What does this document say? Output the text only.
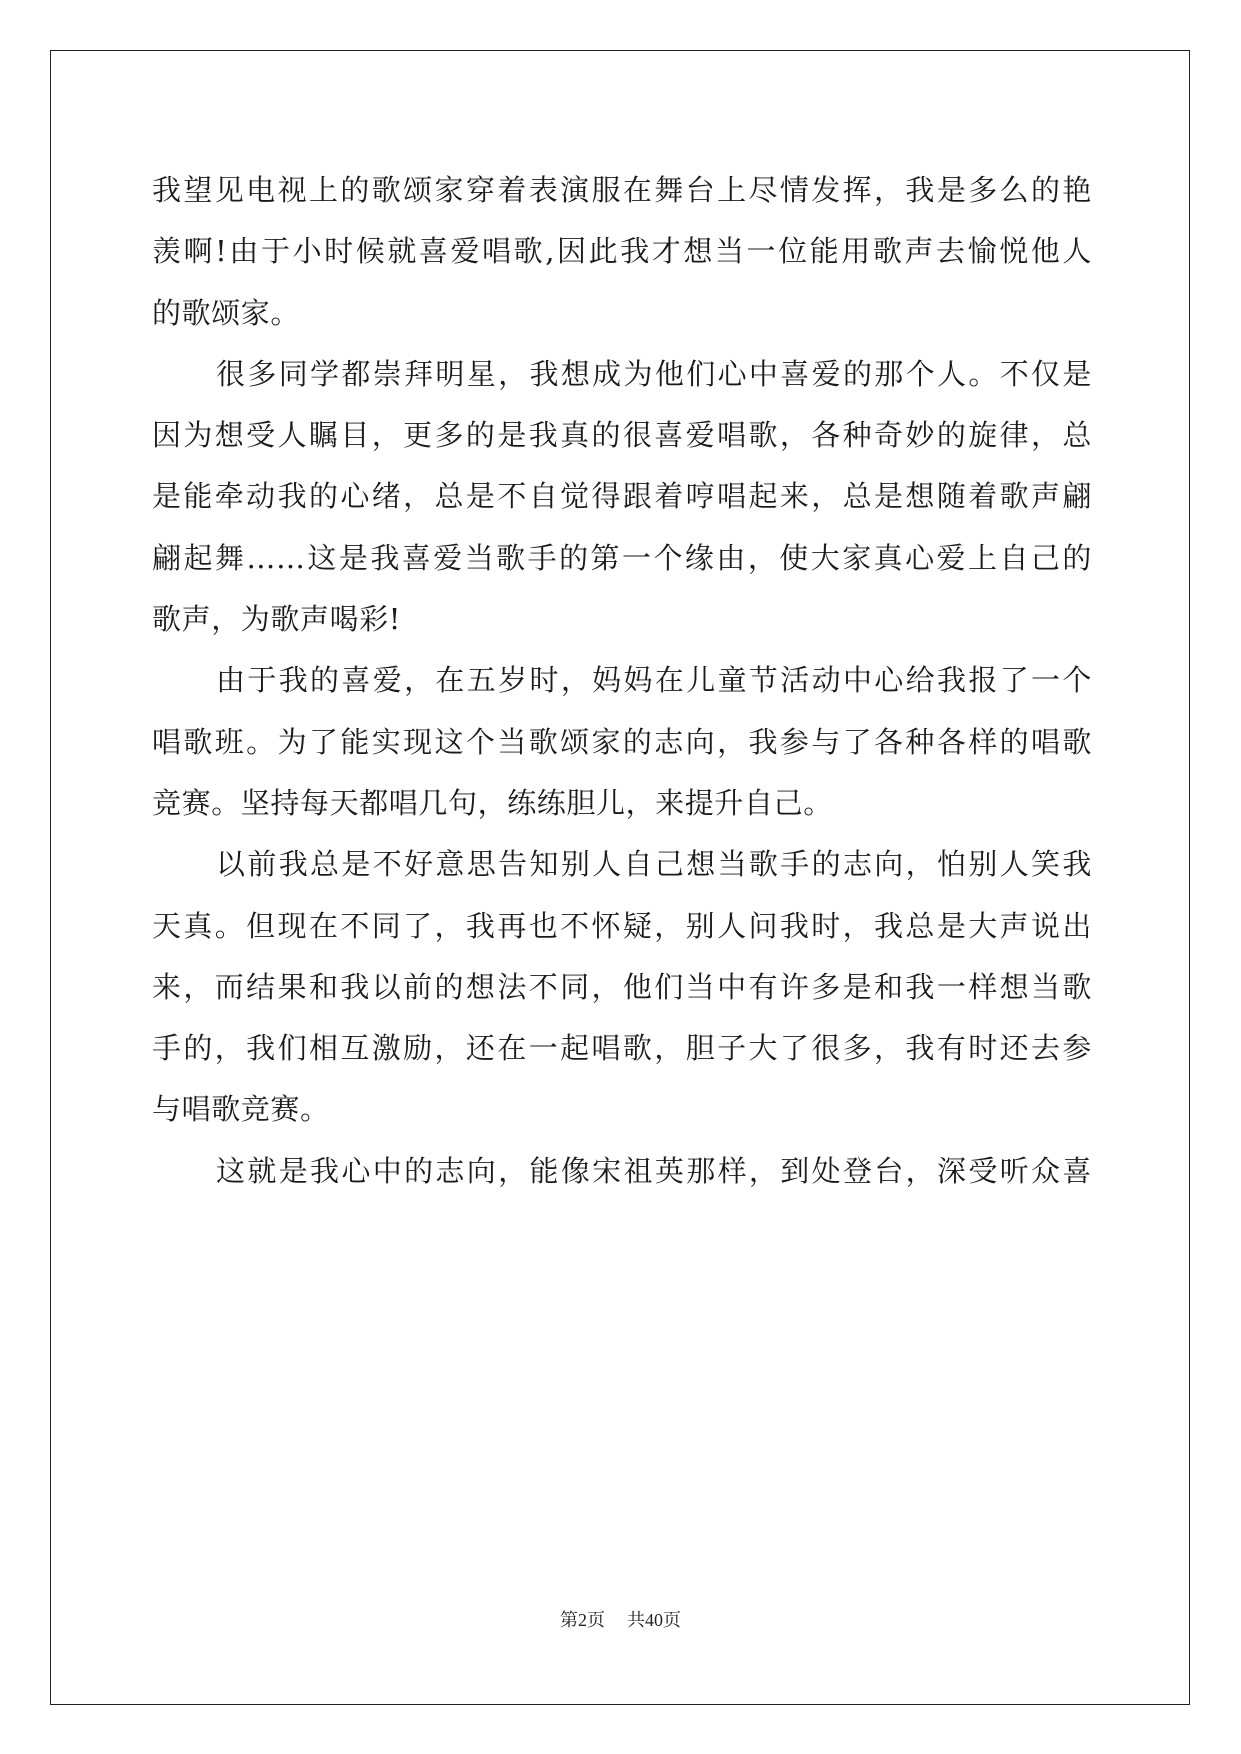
我望见电视上的歌颂家穿着表演服在舞台上尽情发挥，我是多么的艳
羡啊!由于小时候就喜爱唱歌,因此我才想当一位能用歌声去愉悦他人
的歌颂家。
很多同学都崇拜明星，我想成为他们心中喜爱的那个人。不仅是
因为想受人瞩目，更多的是我真的很喜爱唱歌，各种奇妙的旋律，总
是能牵动我的心绪，总是不自觉得跟着哼唱起来，总是想随着歌声翩
翩起舞……这是我喜爱当歌手的第一个缘由，使大家真心爱上自己的
歌声，为歌声喝彩!
由于我的喜爱，在五岁时，妈妈在儿童节活动中心给我报了一个
唱歌班。为了能实现这个当歌颂家的志向，我参与了各种各样的唱歌
竞赛。坚持每天都唱几句，练练胆儿，来提升自己。
以前我总是不好意思告知别人自己想当歌手的志向，怕别人笑我
天真。但现在不同了，我再也不怀疑，别人问我时，我总是大声说出
来，而结果和我以前的想法不同，他们当中有许多是和我一样想当歌
手的，我们相互激励，还在一起唱歌，胆子大了很多，我有时还去参
与唱歌竞赛。
这就是我心中的志向，能像宋祖英那样，到处登台，深受听众喜
第2页 共40页
